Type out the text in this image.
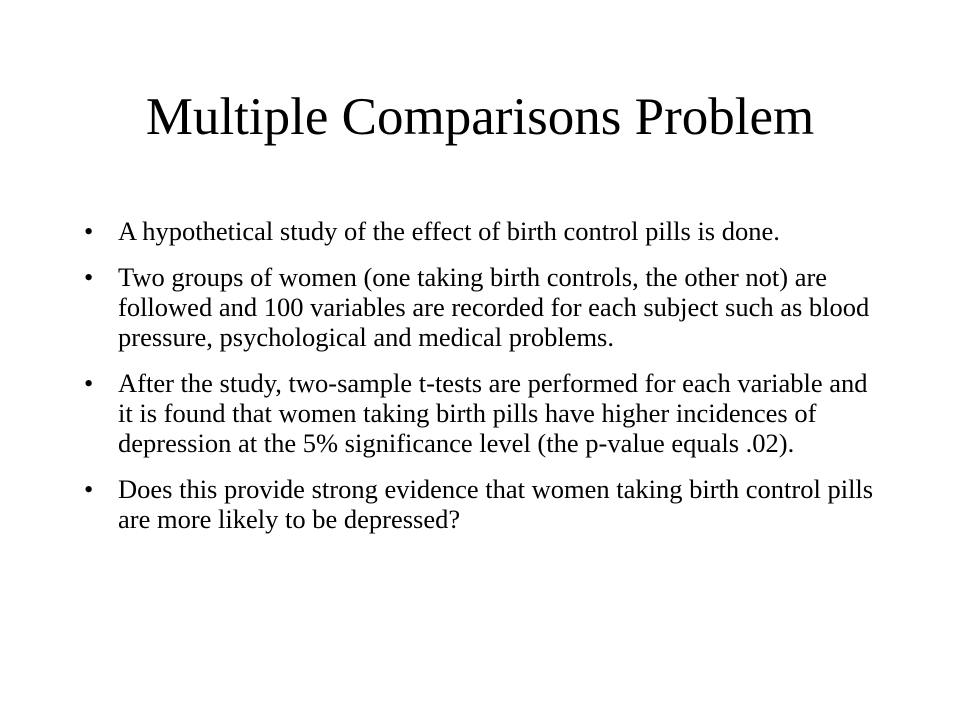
Multiple Comparisons Problem
• A hypothetical study of the effect of birth control pills is done.
• Two groups of women (one taking birth controls, the other not) are followed and 100 variables are recorded for each subject such as blood pressure, psychological and medical problems.
• After the study, two-sample t-tests are performed for each variable and it is found that women taking birth pills have higher incidences of depression at the 5% significance level (the p-value equals .02).
• Does this provide strong evidence that women taking birth control pills are more likely to be depressed?
